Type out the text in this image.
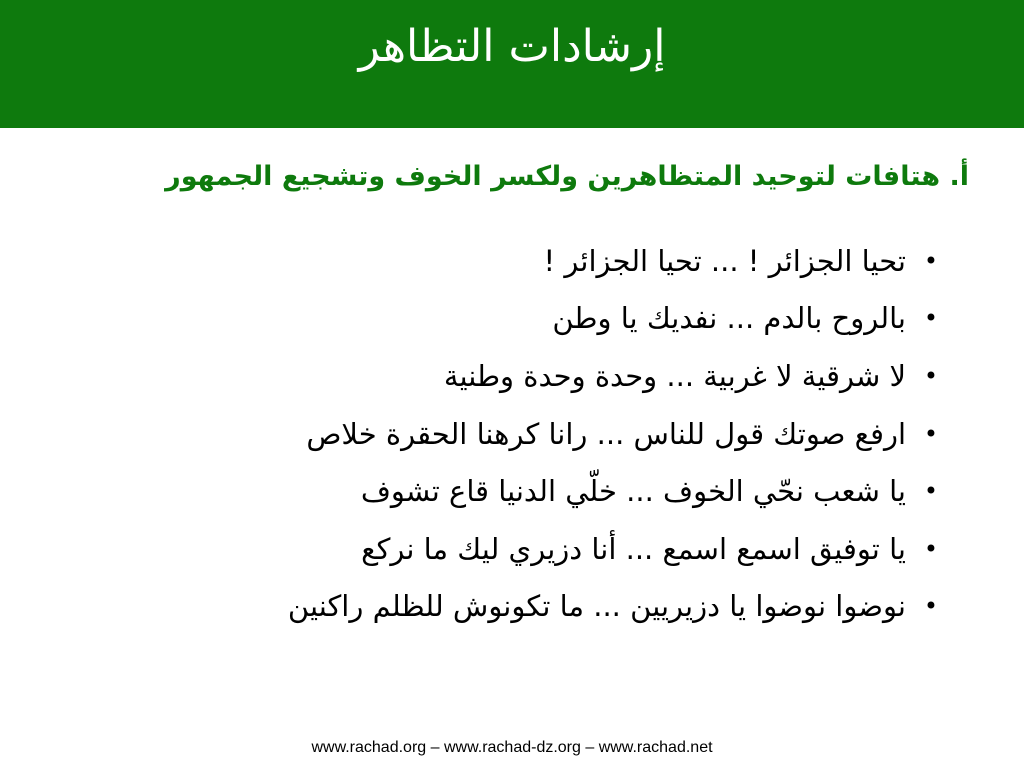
إرشادات التظاهر
أ. هتافات لتوحيد المتظاهرين ولكسر الخوف وتشجيع الجمهور
•
تحيا الجزائر ! ... تحيا الجزائر !
•
بالروح بالدم ... نفديك يا وطن
•
لا شرقية لا غربية ... وحدة وحدة وطنية
•
ارفع صوتك قول للناس ... رانا كرهنا الحقرة خلاص
•
يا شعب نحّي الخوف ... خلّي الدنيا قاع تشوف
•
يا توفيق اسمع اسمع ... أنا دزيري ليك ما نركع
•
نوضوا نوضوا يا دزيريين ... ما تكونوش للظلم راكنين
www.rachad.org – www.rachad-dz.org – www.rachad.net
